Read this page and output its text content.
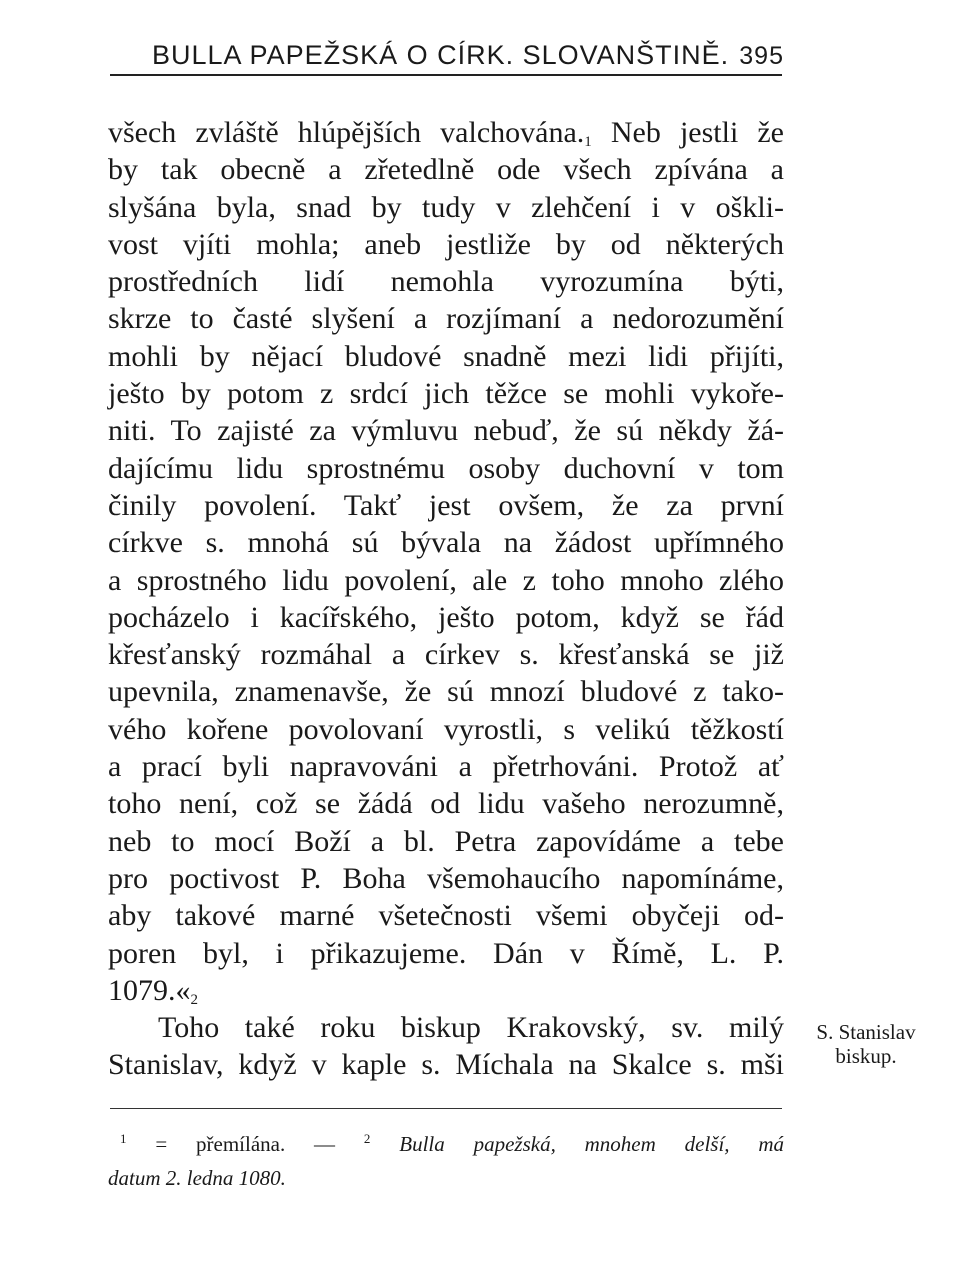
BULLA PAPEŽSKÁ O CÍRK. SLOVANŠTINĚ. 395
všech zvláště hlúpějších $valchována._1$ Neb jestli že
by tak obecně a zřetedlně ode všech zpívána a
slyšána byla, snad by tudy v zlehčení i v oškli-
vost vjíti mohla; aneb jestliže by od některých
prostředních lidí nemohla vyrozumína býti,
skrze to časté slyšení a rozjímaní a nedorozumění
mohli by nějací bludové snadně mezi lidi přijíti,
ješto by potom z srdcí jich těžce se mohli vykoře-
niti. To zajisté za výmluvu nebuď, že sú někdy žá-
dajícímu lidu sprostnému osoby duchovní v tom
činily povolení. Takť jest ovšem, že za první
církve s. mnohá sú bývala na žádost upřímného
a sprostného lidu povolení, ale z toho mnoho zlého
pocházelo i kacířského, ješto potom, když se řád
křesťanský rozmáhal a církev s. křesťanská se již
upevnila, znamenavše, že sú mnozí bludové z tako-
vého kořene povolovaní vyrostli, s velikú těžkostí
a prací byli napravováni a přetrhováni. Protož ať
toho není, což se žádá od lidu vašeho nerozumně,
neb to mocí Boží a bl. Petra zapovídáme a tebe
pro poctivost P. Boha všemohaucího napomínáme,
aby takové marné všetečnosti všemi obyčeji od-
poren byl, i přikazujeme. Dán v Římě, L. P.
$1079.«_2$
Toho také roku biskup Krakovský, sv. milý
Stanislav, když v kaple s. Míchala na Skalce s. mši
S. Stanislav
biskup.
$^1$ = přemílána. — $^2$ Bulla papežská, mnohem delší, má
datum 2. ledna 1080.
